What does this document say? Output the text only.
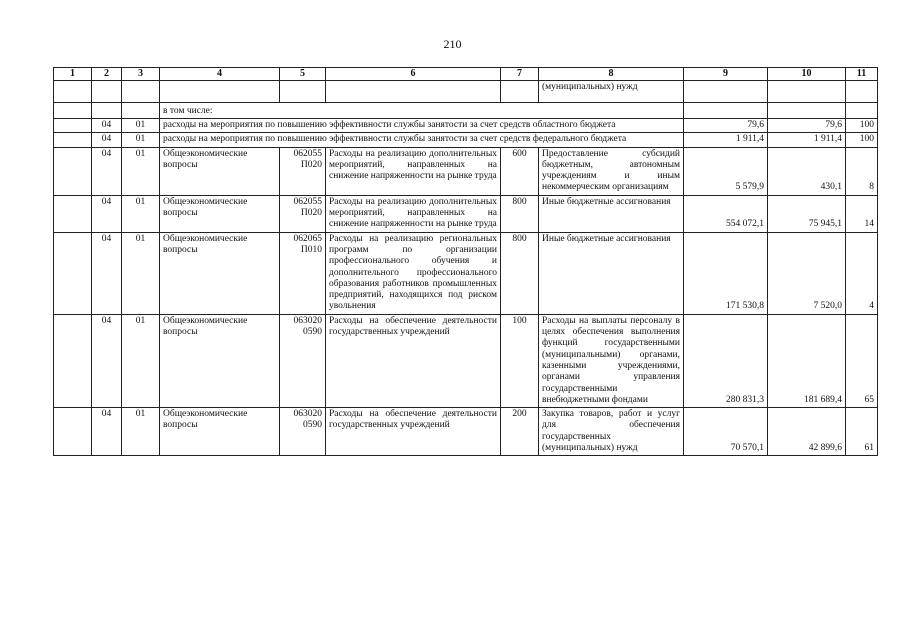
210
1	2	3	4	5	6	7	8	9	10	11
							(муниципальных) нужд			
			в том числе:							
	04	01	расходы на мероприятия по повышению эффективности службы занятости за счет средств областного бюджета					79,6	79,6	100
	04	01	расходы на мероприятия по повышению эффективности службы занятости за счет средств федерального бюджета					1 911,4	1 911,4	100
	04	01	Общеэкономические вопросы	062055 П020	Расходы на реализацию дополнительных мероприятий, направленных на снижение напряженности на рынке труда	600	Предоставление субсидий бюджетным, автономным учреждениям и иным некоммерческим организациям	5 579,9	430,1	8
	04	01	Общеэкономические вопросы	062055 П020	Расходы на реализацию дополнительных мероприятий, направленных на снижение напряженности на рынке труда	800	Иные бюджетные ассигнования	554 072,1	75 945,1	14
	04	01	Общеэкономические вопросы	062065 П010	Расходы на реализацию региональных программ по организации профессионального обучения и дополнительного профессионального образования работников промышленных предприятий, находящихся под риском увольнения	800	Иные бюджетные ассигнования	171 530,8	7 520,0	4
	04	01	Общеэкономические вопросы	063020 0590	Расходы на обеспечение деятельности государственных учреждений	100	Расходы на выплаты персоналу в целях обеспечения выполнения функций государственными (муниципальными) органами, казенными учреждениями, органами управления государственными внебюджетными фондами	280 831,3	181 689,4	65
	04	01	Общеэкономические вопросы	063020 0590	Расходы на обеспечение деятельности государственных учреждений	200	Закупка товаров, работ и услуг для обеспечения государственных (муниципальных) нужд	70 570,1	42 899,6	61
